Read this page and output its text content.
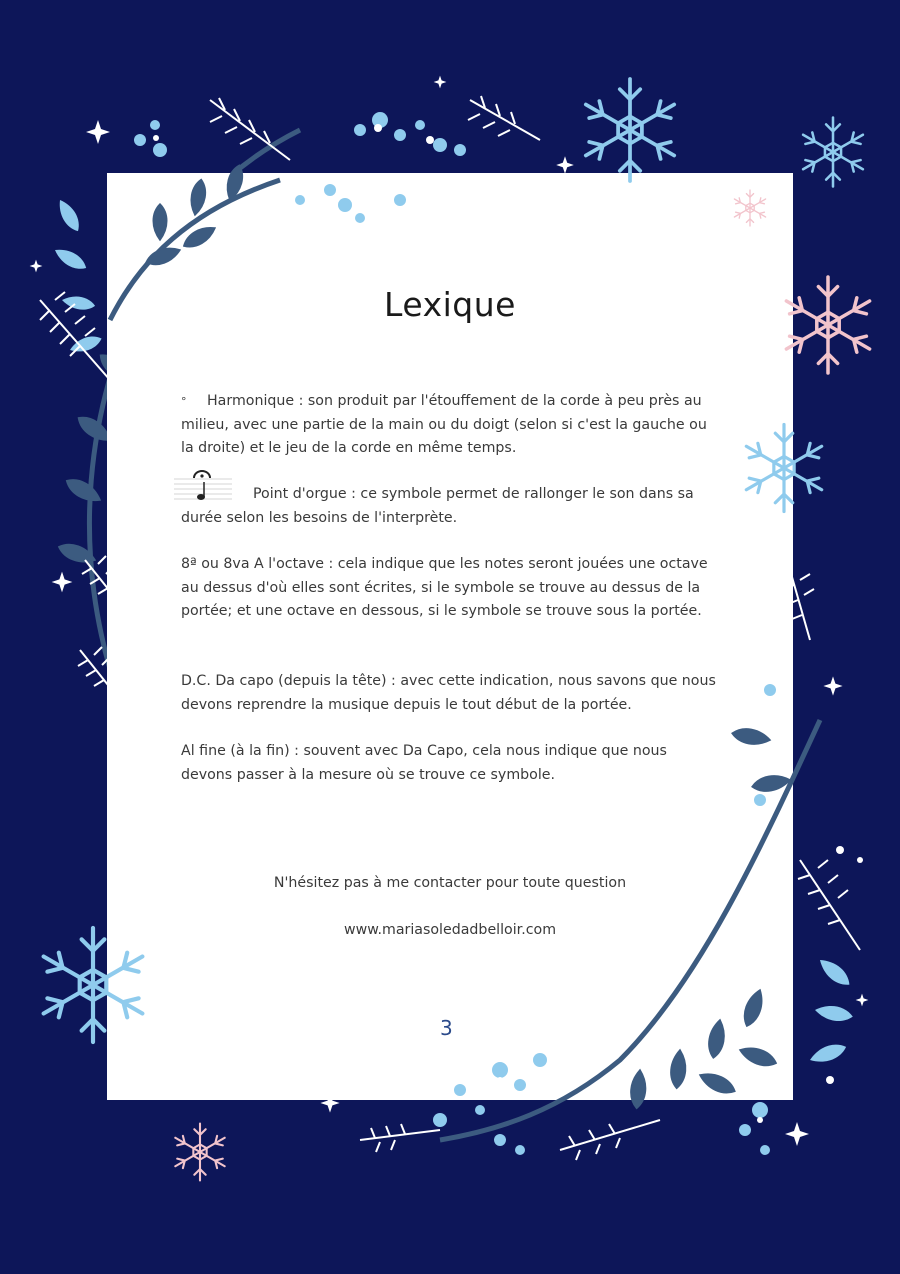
Lexique
° Harmonique : son produit par l'étouffement de la corde à peu près au milieu, avec une partie de la main ou du doigt (selon si c'est la gauche ou la droite) et le jeu de la corde en même temps.
Point d'orgue : ce symbole permet de rallonger le son dans sa durée selon les besoins de l'interprète.
8ª ou 8va A l'octave : cela indique que les notes seront jouées une octave au dessus d'où elles sont écrites, si le symbole se trouve au dessus de la portée; et une octave en dessous, si le symbole se trouve sous la portée.
D.C. Da capo (depuis la tête) : avec cette indication, nous savons que nous devons reprendre la musique depuis le tout début de la portée.
Al fine (à la fin) : souvent avec Da Capo, cela nous indique que nous devons passer à la mesure où se trouve ce symbole.
N'hésitez pas à me contacter pour toute question
www.mariasoledadbelloir.com
3
